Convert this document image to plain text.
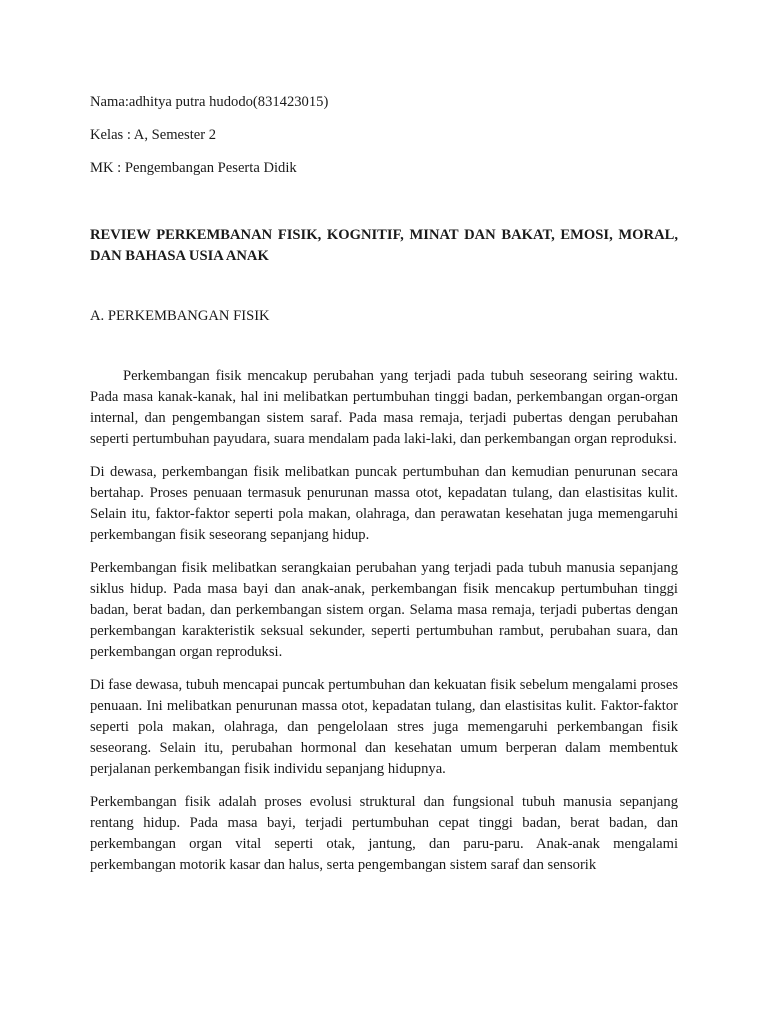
Nama:adhitya putra hudodo(831423015)

Kelas : A, Semester 2

MK : Pengembangan Peserta Didik

REVIEW PERKEMBANAN FISIK, KOGNITIF, MINAT DAN BAKAT, EMOSI, MORAL, DAN BAHASA USIA ANAK

A. PERKEMBANGAN FISIK

Perkembangan fisik mencakup perubahan yang terjadi pada tubuh seseorang seiring waktu. Pada masa kanak-kanak, hal ini melibatkan pertumbuhan tinggi badan, perkembangan organ-organ internal, dan pengembangan sistem saraf. Pada masa remaja, terjadi pubertas dengan perubahan seperti pertumbuhan payudara, suara mendalam pada laki-laki, dan perkembangan organ reproduksi.

Di dewasa, perkembangan fisik melibatkan puncak pertumbuhan dan kemudian penurunan secara bertahap. Proses penuaan termasuk penurunan massa otot, kepadatan tulang, dan elastisitas kulit. Selain itu, faktor-faktor seperti pola makan, olahraga, dan perawatan kesehatan juga memengaruhi perkembangan fisik seseorang sepanjang hidup.

Perkembangan fisik melibatkan serangkaian perubahan yang terjadi pada tubuh manusia sepanjang siklus hidup. Pada masa bayi dan anak-anak, perkembangan fisik mencakup pertumbuhan tinggi badan, berat badan, dan perkembangan sistem organ. Selama masa remaja, terjadi pubertas dengan perkembangan karakteristik seksual sekunder, seperti pertumbuhan rambut, perubahan suara, dan perkembangan organ reproduksi.

Di fase dewasa, tubuh mencapai puncak pertumbuhan dan kekuatan fisik sebelum mengalami proses penuaan. Ini melibatkan penurunan massa otot, kepadatan tulang, dan elastisitas kulit. Faktor-faktor seperti pola makan, olahraga, dan pengelolaan stres juga memengaruhi perkembangan fisik seseorang. Selain itu, perubahan hormonal dan kesehatan umum berperan dalam membentuk perjalanan perkembangan fisik individu sepanjang hidupnya.

Perkembangan fisik adalah proses evolusi struktural dan fungsional tubuh manusia sepanjang rentang hidup. Pada masa bayi, terjadi pertumbuhan cepat tinggi badan, berat badan, dan perkembangan organ vital seperti otak, jantung, dan paru-paru. Anak-anak mengalami perkembangan motorik kasar dan halus, serta pengembangan sistem saraf dan sensorik
